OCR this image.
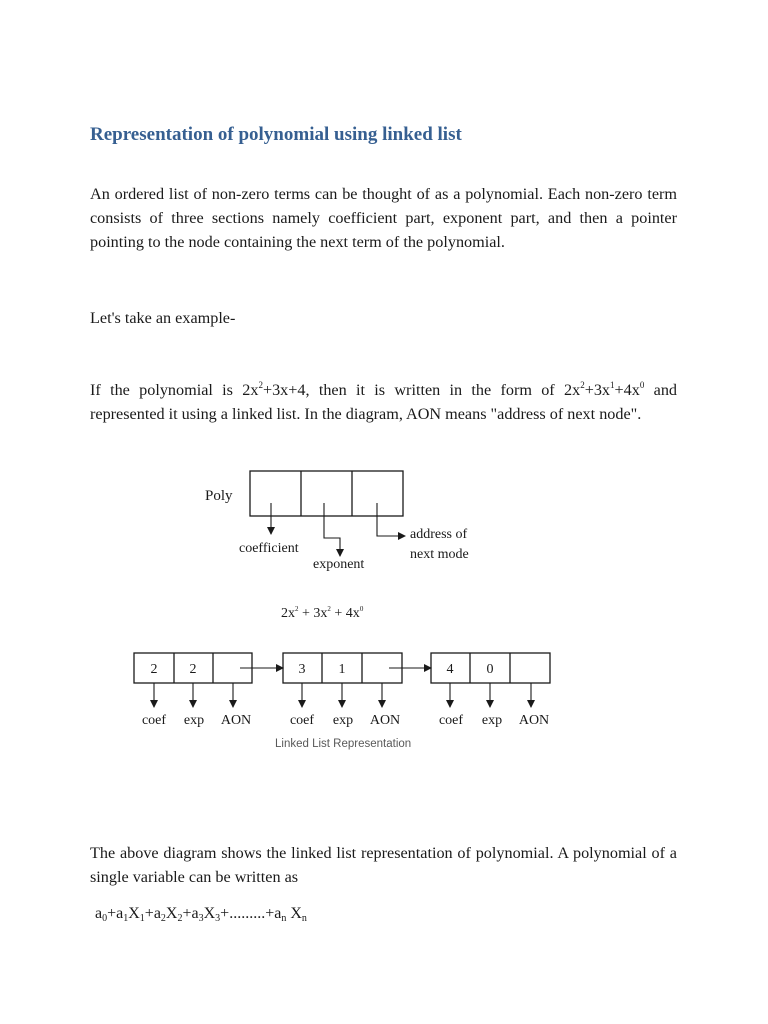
Representation of polynomial using linked list

An ordered list of non-zero terms can be thought of as a polynomial. Each non-zero term consists of three sections namely coefficient part, exponent part, and then a pointer pointing to the node containing the next term of the polynomial.

Let's take an example-

If the polynomial is $2x^2+3x+4$, then it is written in the form of $2x^2+3x^1+4x^0$ and represented it using a linked list. In the diagram, AON means "address of next node".

Poly
coefficient
exponent
address of
next mode
$2x^2 + 3x^2 + 4x^0$
2 2	3 1	4 0
coef exp AON	coef exp AON	coef exp AON
Linked List Representation

The above diagram shows the linked list representation of polynomial. A polynomial of a single variable can be written as

$a_0+a_1X_1+a_2X_2+a_3X_3+.........+a_n$ $X_n$
